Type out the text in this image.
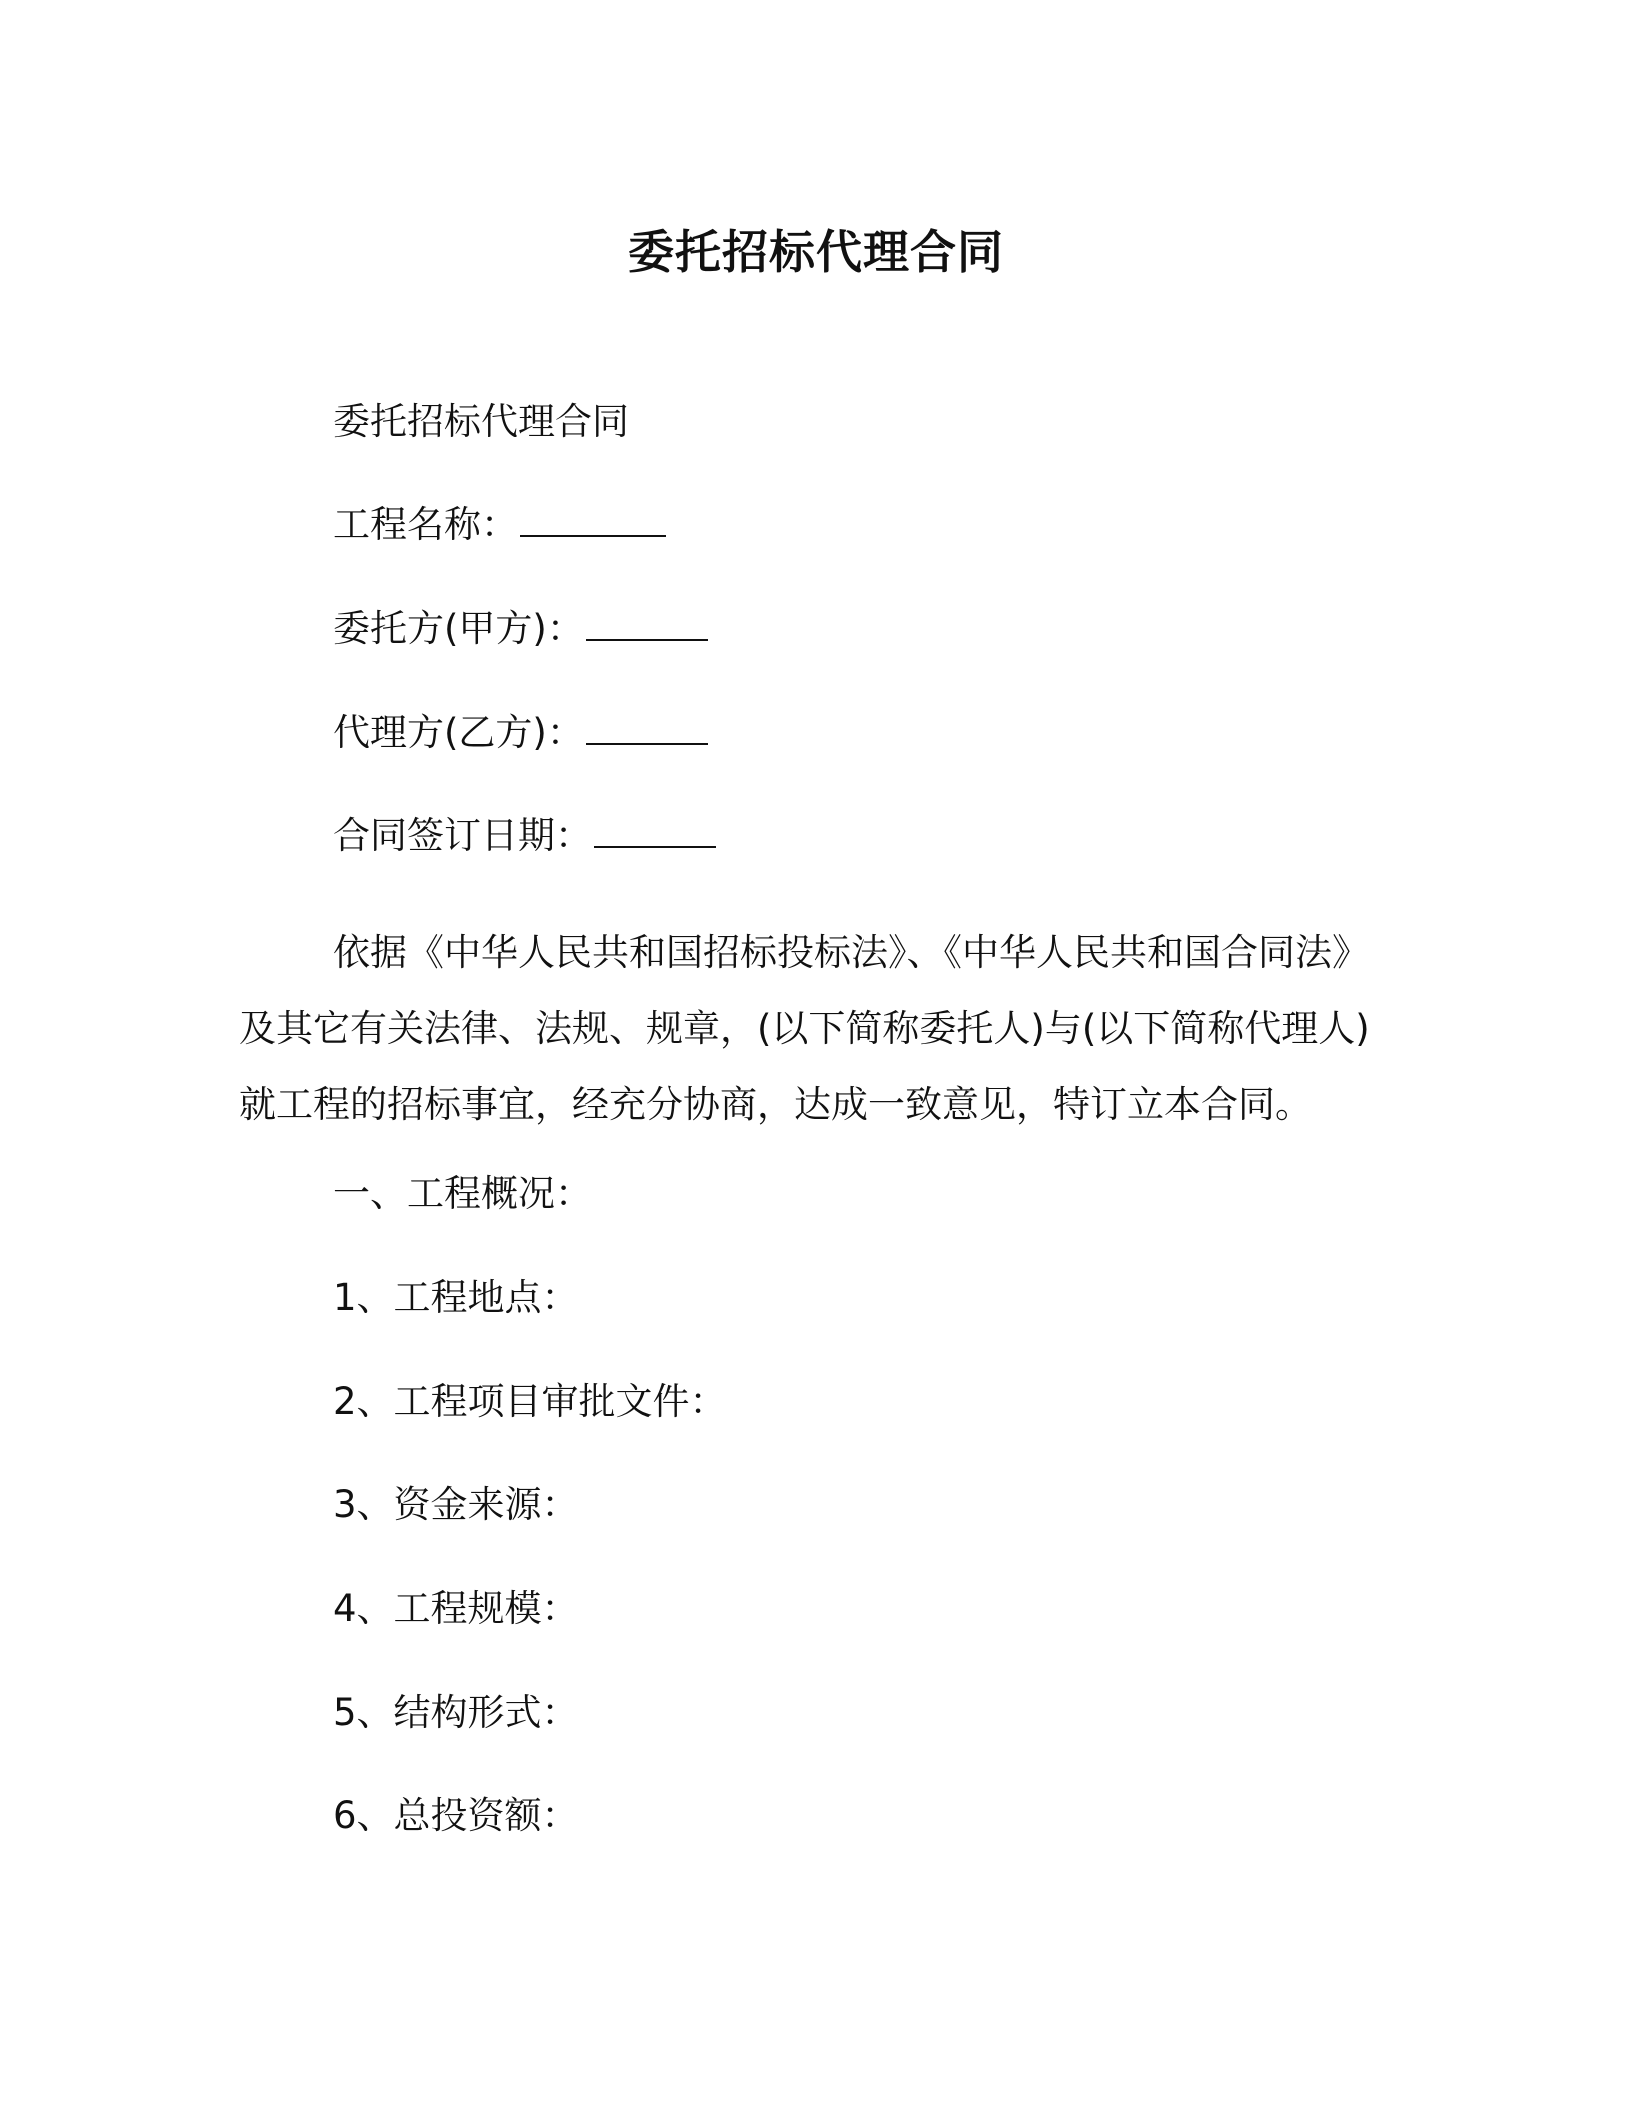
委托招标代理合同

委托招标代理合同

工程名称：

委托方(甲方)：

代理方(乙方)：

合同签订日期：

依据《中华人民共和国招标投标法》、《中华人民共和国合同法》
及其它有关法律、法规、规章，(以下简称委托人)与(以下简称代理人)
就工程的招标事宜，经充分协商，达成一致意见，特订立本合同。

一、工程概况：

1、工程地点：

2、工程项目审批文件：

3、资金来源：

4、工程规模：

5、结构形式：

6、总投资额：
